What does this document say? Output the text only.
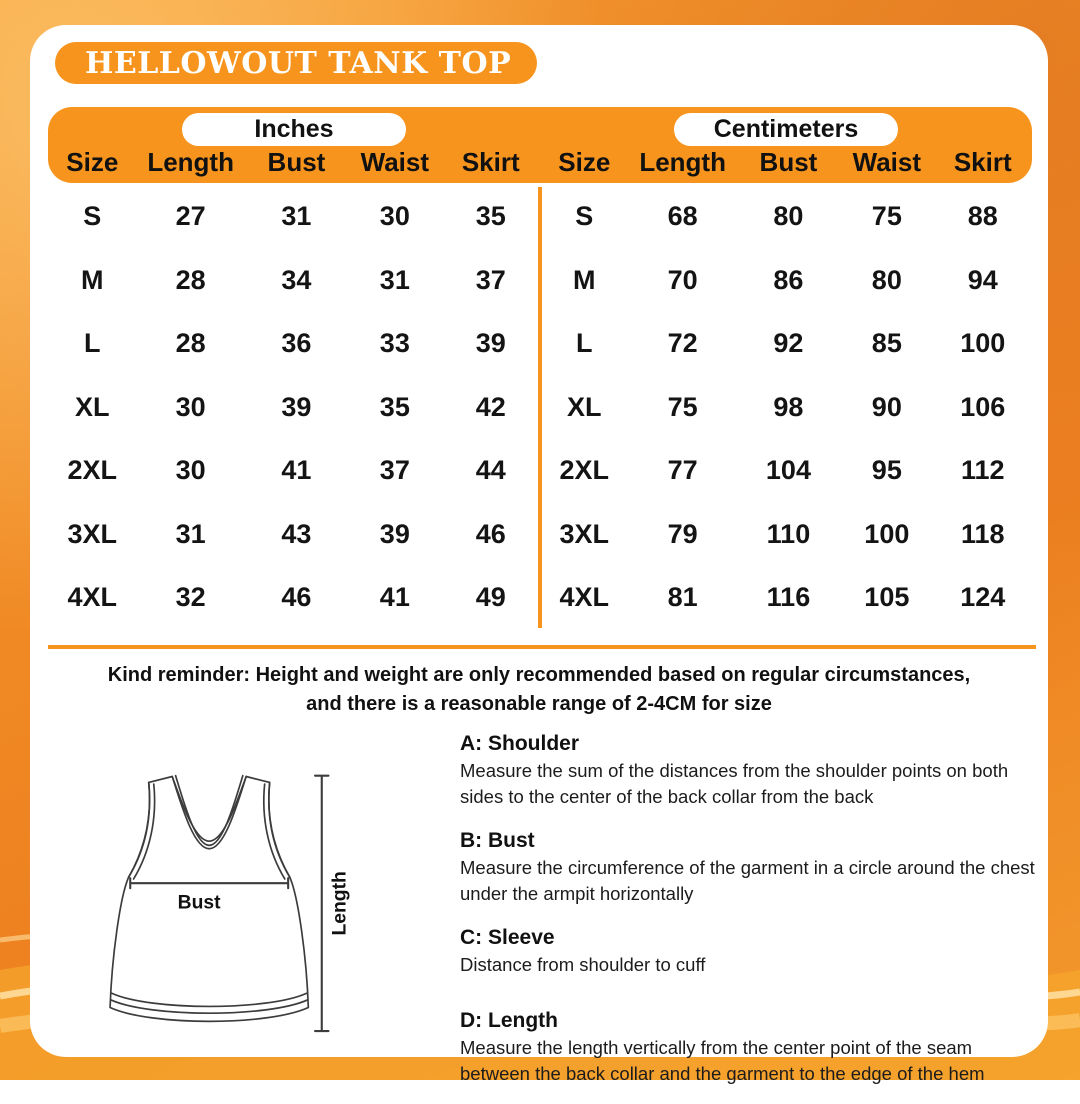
HELLOWOUT TANK TOP
Inches
Size	Length	Bust	Waist	Skirt
Centimeters
Size	Length	Bust	Waist	Skirt
S	27	31	30	35
M	28	34	31	37
L	28	36	33	39
XL	30	39	35	42
2XL	30	41	37	44
3XL	31	43	39	46
4XL	32	46	41	49
S	68	80	75	88
M	70	86	80	94
L	72	92	85	100
XL	75	98	90	106
2XL	77	104	95	112
3XL	79	110	100	118
4XL	81	116	105	124
Kind reminder: Height and weight are only recommended based on regular circumstances,
and there is a reasonable range of 2-4CM for size
Bust	Length
A: Shoulder

Measure the sum of the distances from the shoulder points on both sides to the center of the back collar from the back

B: Bust

Measure the circumference of the garment in a circle around the chest under the armpit horizontally

C: Sleeve

Distance from shoulder to cuff

D: Length

Measure the length vertically from the center point of the seam between the back collar and the garment to the edge of the hem
